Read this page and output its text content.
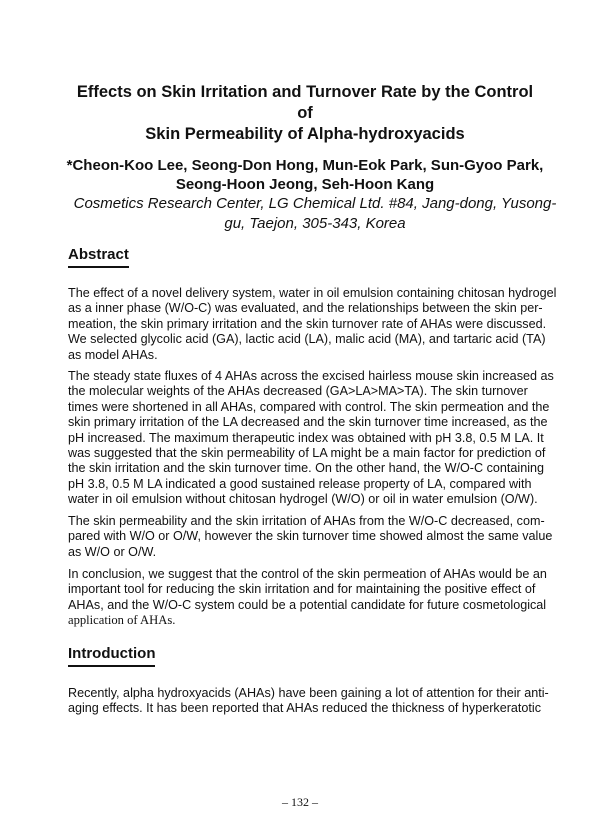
Effects on Skin Irritation and Turnover Rate by the Control
of
Skin Permeability of Alpha-hydroxyacids
*Cheon-Koo Lee, Seong-Don Hong, Mun-Eok Park, Sun-Gyoo Park,
Seong-Hoon Jeong, Seh-Hoon Kang
Cosmetics Research Center, LG Chemical Ltd. #84, Jang-dong, Yusong-
gu, Taejon, 305-343, Korea
Abstract
The effect of a novel delivery system, water in oil emulsion containing chitosan hydrogel
as a inner phase (W/O-C) was evaluated, and the relationships between the skin per-
meation, the skin primary irritation and the skin turnover rate of AHAs were discussed.
We selected glycolic acid (GA), lactic acid (LA), malic acid (MA), and tartaric acid (TA)
as model AHAs.
The steady state fluxes of 4 AHAs across the excised hairless mouse skin increased as
the molecular weights of the AHAs decreased (GA>LA>MA>TA). The skin turnover
times were shortened in all AHAs, compared with control. The skin permeation and the
skin primary irritation of the LA decreased and the skin turnover time increased, as the
pH increased. The maximum therapeutic index was obtained with pH 3.8, 0.5 M LA. It
was suggested that the skin permeability of LA might be a main factor for prediction of
the skin irritation and the skin turnover time. On the other hand, the W/O-C containing
pH 3.8, 0.5 M LA indicated a good sustained release property of LA, compared with
water in oil emulsion without chitosan hydrogel (W/O) or oil in water emulsion (O/W).
The skin permeability and the skin irritation of AHAs from the W/O-C decreased, com-
pared with W/O or O/W, however the skin turnover time showed almost the same value
as W/O or O/W.
In conclusion, we suggest that the control of the skin permeation of AHAs would be an
important tool for reducing the skin irritation and for maintaining the positive effect of
AHAs, and the W/O-C system could be a potential candidate for future cosmetological
application of AHAs.
Introduction
Recently, alpha hydroxyacids (AHAs) have been gaining a lot of attention for their anti-
aging effects. It has been reported that AHAs reduced the thickness of hyperkeratotic
– 132 –
